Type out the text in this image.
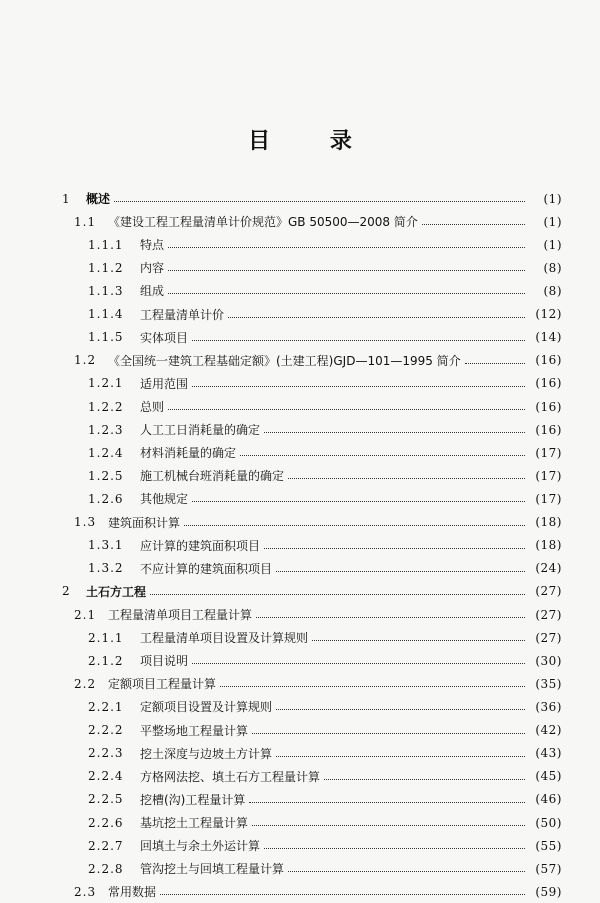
目 录
1	概述	(1)
1.1 《建设工程工程量清单计价规范》GB 50500—2008 简介	(1)
1.1.1	特点	(1)
1.1.2	内容	(8)
1.1.3	组成	(8)
1.1.4	工程量清单计价	(12)
1.1.5	实体项目	(14)
1.2 《全国统一建筑工程基础定额》(土建工程)GJD—101—1995 简介	(16)
1.2.1	适用范围	(16)
1.2.2	总则	(16)
1.2.3	人工工日消耗量的确定	(16)
1.2.4	材料消耗量的确定	(17)
1.2.5	施工机械台班消耗量的确定	(17)
1.2.6	其他规定	(17)
1.3 建筑面积计算	(18)
1.3.1	应计算的建筑面积项目	(18)
1.3.2	不应计算的建筑面积项目	(24)
2	土石方工程	(27)
2.1 工程量清单项目工程量计算	(27)
2.1.1	工程量清单项目设置及计算规则	(27)
2.1.2	项目说明	(30)
2.2 定额项目工程量计算	(35)
2.2.1	定额项目设置及计算规则	(36)
2.2.2	平整场地工程量计算	(42)
2.2.3	挖土深度与边坡土方计算	(43)
2.2.4	方格网法挖、填土石方工程量计算	(45)
2.2.5	挖槽(沟)工程量计算	(46)
2.2.6	基坑挖土工程量计算	(50)
2.2.7	回填土与余土外运计算	(55)
2.2.8	管沟挖土与回填工程量计算	(57)
2.3 常用数据	(59)
